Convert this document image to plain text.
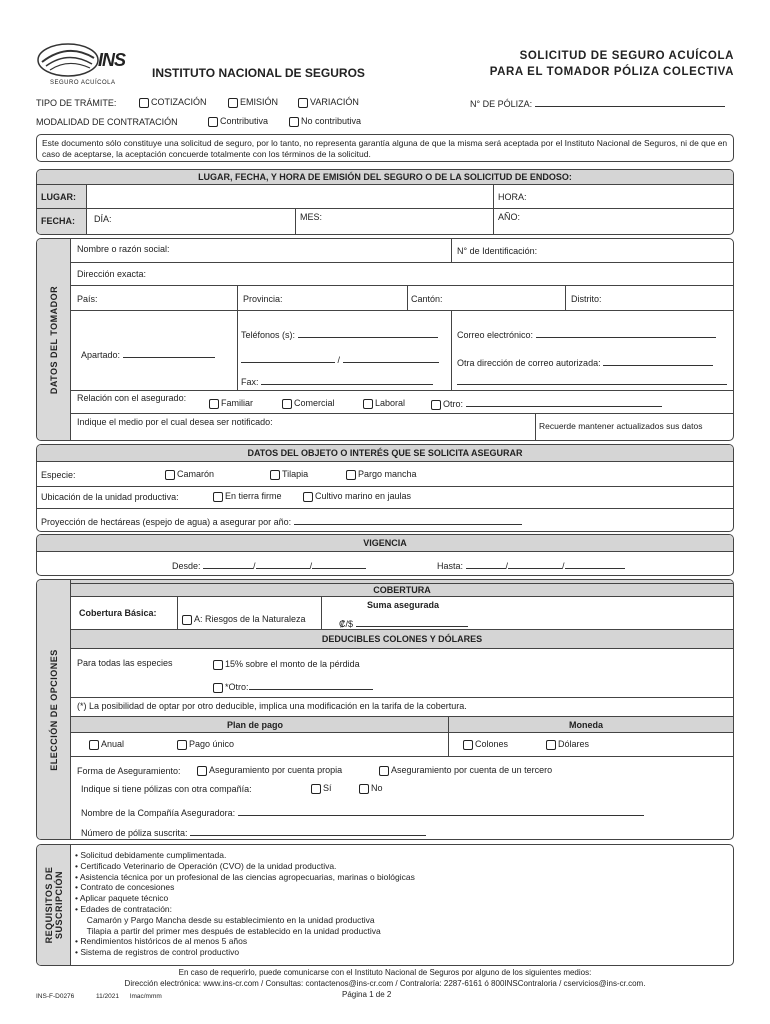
INS
SEGURO ACUÍCOLA
INSTITUTO NACIONAL DE SEGUROS
SOLICITUD DE SEGURO ACUÍCOLA
PARA EL TOMADOR PÓLIZA COLECTIVA
TIPO DE TRÁMITE:	COTIZACIÓN	EMISIÓN	VARIACIÓN	N° DE PÓLIZA:
MODALIDAD DE CONTRATACIÓN	Contributiva	No contributiva
Este documento sólo constituye una solicitud de seguro, por lo tanto, no representa garantía alguna de que la misma será aceptada por el Instituto Nacional de Seguros, ni de que en caso de aceptarse, la aceptación concuerde totalmente con los términos de la solicitud.
LUGAR, FECHA, Y HORA DE EMISIÓN DEL SEGURO O DE LA SOLICITUD DE ENDOSO:
LUGAR:
FECHA:
HORA:
DÍA:	MES:	AÑO:
DATOS DEL TOMADOR
Nombre o razón social:	N° de Identificación:
Dirección exacta:
País:	Provincia:	Cantón:	Distrito:
Apartado:
Teléfonos (s):
/
Fax:
Correo electrónico:
Otra dirección de correo autorizada:
Relación con el asegurado:	Familiar	Comercial	Laboral	Otro:
Indique el medio por el cual desea ser notificado:	Recuerde mantener actualizados sus datos
DATOS DEL OBJETO O INTERÉS QUE SE SOLICITA ASEGURAR
Especie:	Camarón	Tilapia	Pargo mancha
Ubicación de la unidad productiva:	En tierra firme	Cultivo marino en jaulas
Proyección de hectáreas (espejo de agua) a asegurar por año:
VIGENCIA
Desde:	/	/	Hasta:	/	/
ELECCIÓN DE OPCIONES
COBERTURA
Cobertura Básica:
A: Riesgos de la Naturaleza
Suma asegurada
₡/$
DEDUCIBLES COLONES Y DÓLARES
Para todas las especies	15% sobre el monto de la pérdida
*Otro:
(*) La posibilidad de optar por otro deducible, implica una modificación en la tarifa de la cobertura.
Plan de pago	Moneda
Anual	Pago único	Colones	Dólares
Forma de Aseguramiento:	Aseguramiento por cuenta propia	Aseguramiento por cuenta de un tercero
Indique si tiene pólizas con otra compañía:	Sí	No
Nombre de la Compañía Aseguradora:
Número de póliza suscrita:
REQUISITOS DE SUSCRIPCIÓN
• Solicitud debidamente cumplimentada.
• Certificado Veterinario de Operación (CVO) de la unidad productiva.
• Asistencia técnica por un profesional de las ciencias agropecuarias, marinas o biológicas
• Contrato de concesiones
• Aplicar paquete técnico
• Edades de contratación:
Camarón y Pargo Mancha desde su establecimiento en la unidad productiva
Tilapia a partir del primer mes después de establecido en la unidad productiva
• Rendimientos históricos de al menos 5 años
• Sistema de registros de control productivo
En caso de requerirlo, puede comunicarse con el Instituto Nacional de Seguros por alguno de los siguientes medios:
Dirección electrónica: www.ins-cr.com / Consultas: contactenos@ins-cr.com / Contraloría: 2287-6161 ó 800INSContraloria / cservicios@ins-cr.com.
INS-F-D0276	11/2021 lmac/mmm	Página 1 de 2
